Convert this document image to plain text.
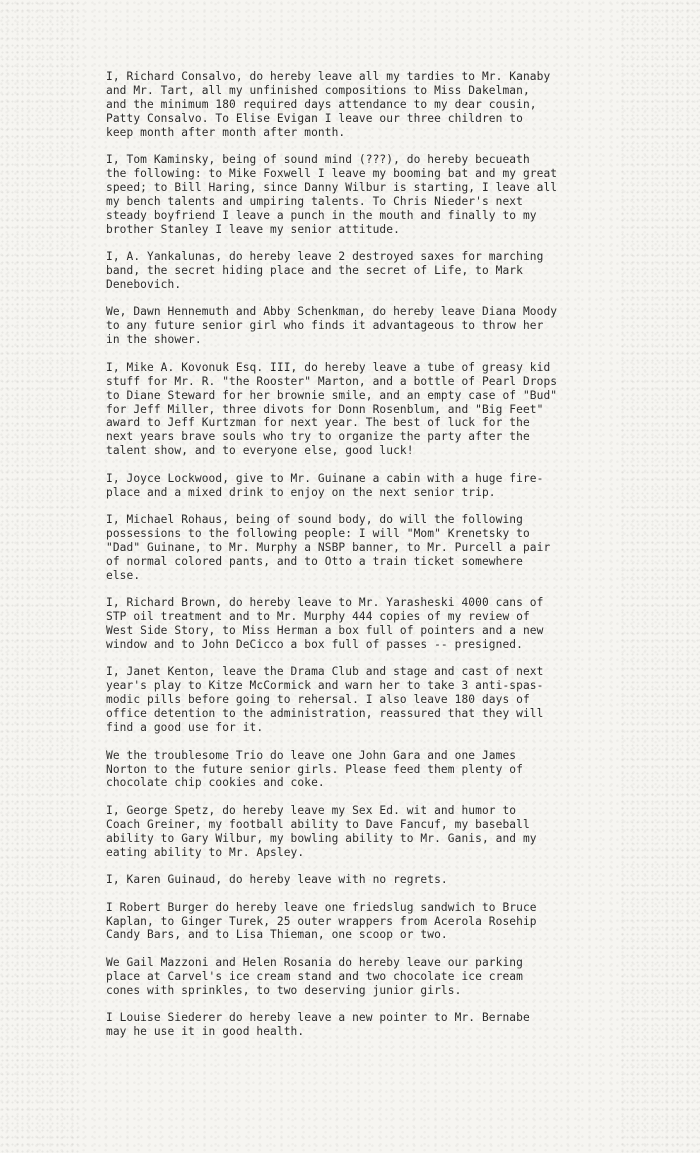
I, Richard Consalvo, do hereby leave all my tardies to Mr. Kanaby
and Mr. Tart, all my unfinished compositions to Miss Dakelman,
and the minimum 180 required days attendance to my dear cousin,
Patty Consalvo. To Elise Evigan I leave our three children to
keep month after month after month.

I, Tom Kaminsky, being of sound mind (???), do hereby becueath
the following: to Mike Foxwell I leave my booming bat and my great
speed; to Bill Haring, since Danny Wilbur is starting, I leave all
my bench talents and umpiring talents. To Chris Nieder's next
steady boyfriend I leave a punch in the mouth and finally to my
brother Stanley I leave my senior attitude.

I, A. Yankalunas, do hereby leave 2 destroyed saxes for marching
band, the secret hiding place and the secret of Life, to Mark
Denebovich.

We, Dawn Hennemuth and Abby Schenkman, do hereby leave Diana Moody
to any future senior girl who finds it advantageous to throw her
in the shower.

I, Mike A. Kovonuk Esq. III, do hereby leave a tube of greasy kid
stuff for Mr. R. "the Rooster" Marton, and a bottle of Pearl Drops
to Diane Steward for her brownie smile, and an empty case of "Bud"
for Jeff Miller, three divots for Donn Rosenblum, and "Big Feet"
award to Jeff Kurtzman for next year. The best of luck for the
next years brave souls who try to organize the party after the
talent show, and to everyone else, good luck!

I, Joyce Lockwood, give to Mr. Guinane a cabin with a huge fire-
place and a mixed drink to enjoy on the next senior trip.

I, Michael Rohaus, being of sound body, do will the following
possessions to the following people: I will "Mom" Krenetsky to
"Dad" Guinane, to Mr. Murphy a NSBP banner, to Mr. Purcell a pair
of normal colored pants, and to Otto a train ticket somewhere
else.

I, Richard Brown, do hereby leave to Mr. Yarasheski 4000 cans of
STP oil treatment and to Mr. Murphy 444 copies of my review of
West Side Story, to Miss Herman a box full of pointers and a new
window and to John DeCicco a box full of passes -- presigned.

I, Janet Kenton, leave the Drama Club and stage and cast of next
year's play to Kitze McCormick and warn her to take 3 anti-spas-
modic pills before going to rehersal. I also leave 180 days of
office detention to the administration, reassured that they will
find a good use for it.

We the troublesome Trio do leave one John Gara and one James
Norton to the future senior girls. Please feed them plenty of
chocolate chip cookies and coke.

I, George Spetz, do hereby leave my Sex Ed. wit and humor to
Coach Greiner, my football ability to Dave Fancuf, my baseball
ability to Gary Wilbur, my bowling ability to Mr. Ganis, and my
eating ability to Mr. Apsley.

I, Karen Guinaud, do hereby leave with no regrets.

I Robert Burger do hereby leave one friedslug sandwich to Bruce
Kaplan, to Ginger Turek, 25 outer wrappers from Acerola Rosehip
Candy Bars, and to Lisa Thieman, one scoop or two.

We Gail Mazzoni and Helen Rosania do hereby leave our parking
place at Carvel's ice cream stand and two chocolate ice cream
cones with sprinkles, to two deserving junior girls.

I Louise Siederer do hereby leave a new pointer to Mr. Bernabe
may he use it in good health.
